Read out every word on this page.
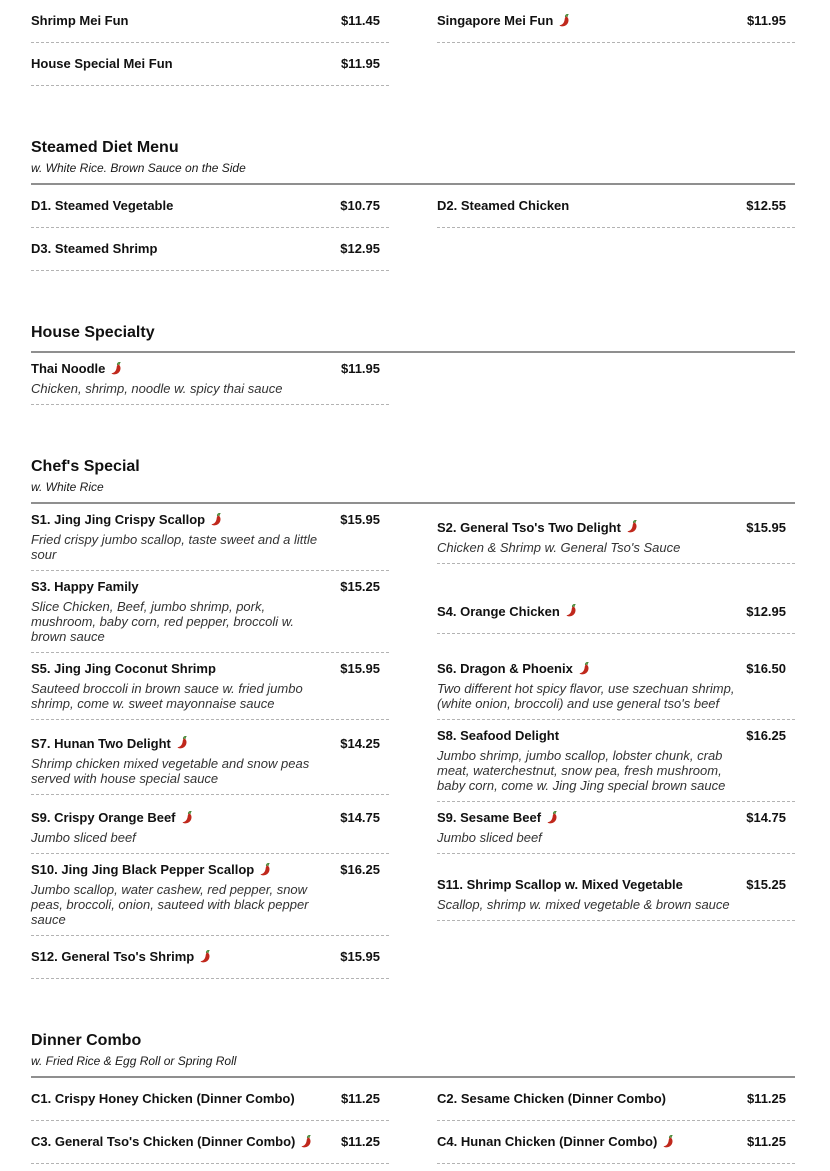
Shrimp Mei Fun	$11.45	Singapore Mei Fun	$11.95
House Special Mei Fun	$11.95
Steamed Diet Menu
w. White Rice. Brown Sauce on the Side
D1. Steamed Vegetable	$10.75	D2. Steamed Chicken	$12.55
D3. Steamed Shrimp	$12.95
House Specialty
Thai Noodle	$11.95
Chicken, shrimp, noodle w. spicy thai sauce
Chef's Special
w. White Rice
S1. Jing Jing Crispy Scallop	$15.95
Fried crispy jumbo scallop, taste sweet and a little sour
S2. General Tso's Two Delight	$15.95
Chicken & Shrimp w. General Tso's Sauce
S3. Happy Family	$15.25
Slice Chicken, Beef, jumbo shrimp, pork, mushroom, baby corn, red pepper, broccoli w. brown sauce
S4. Orange Chicken	$12.95
S5. Jing Jing Coconut Shrimp	$15.95
Sauteed broccoli in brown sauce w. fried jumbo shrimp, come w. sweet mayonnaise sauce
S6. Dragon & Phoenix	$16.50
Two different hot spicy flavor, use szechuan shrimp, (white onion, broccoli) and use general tso's beef
S7. Hunan Two Delight	$14.25
Shrimp chicken mixed vegetable and snow peas served with house special sauce
S8. Seafood Delight	$16.25
Jumbo shrimp, jumbo scallop, lobster chunk, crab meat, waterchestnut, snow pea, fresh mushroom, baby corn, come w. Jing Jing special brown sauce
S9. Crispy Orange Beef	$14.75
Jumbo sliced beef
S9. Sesame Beef	$14.75
Jumbo sliced beef
S10. Jing Jing Black Pepper Scallop	$16.25
Jumbo scallop, water cashew, red pepper, snow peas, broccoli, onion, sauteed with black pepper sauce
S11. Shrimp Scallop w. Mixed Vegetable	$15.25
Scallop, shrimp w. mixed vegetable & brown sauce
S12. General Tso's Shrimp	$15.95
Dinner Combo
w. Fried Rice & Egg Roll or Spring Roll
C1. Crispy Honey Chicken (Dinner Combo)	$11.25	C2. Sesame Chicken (Dinner Combo)	$11.25
C3. General Tso's Chicken (Dinner Combo)	$11.25	C4. Hunan Chicken (Dinner Combo)	$11.25
